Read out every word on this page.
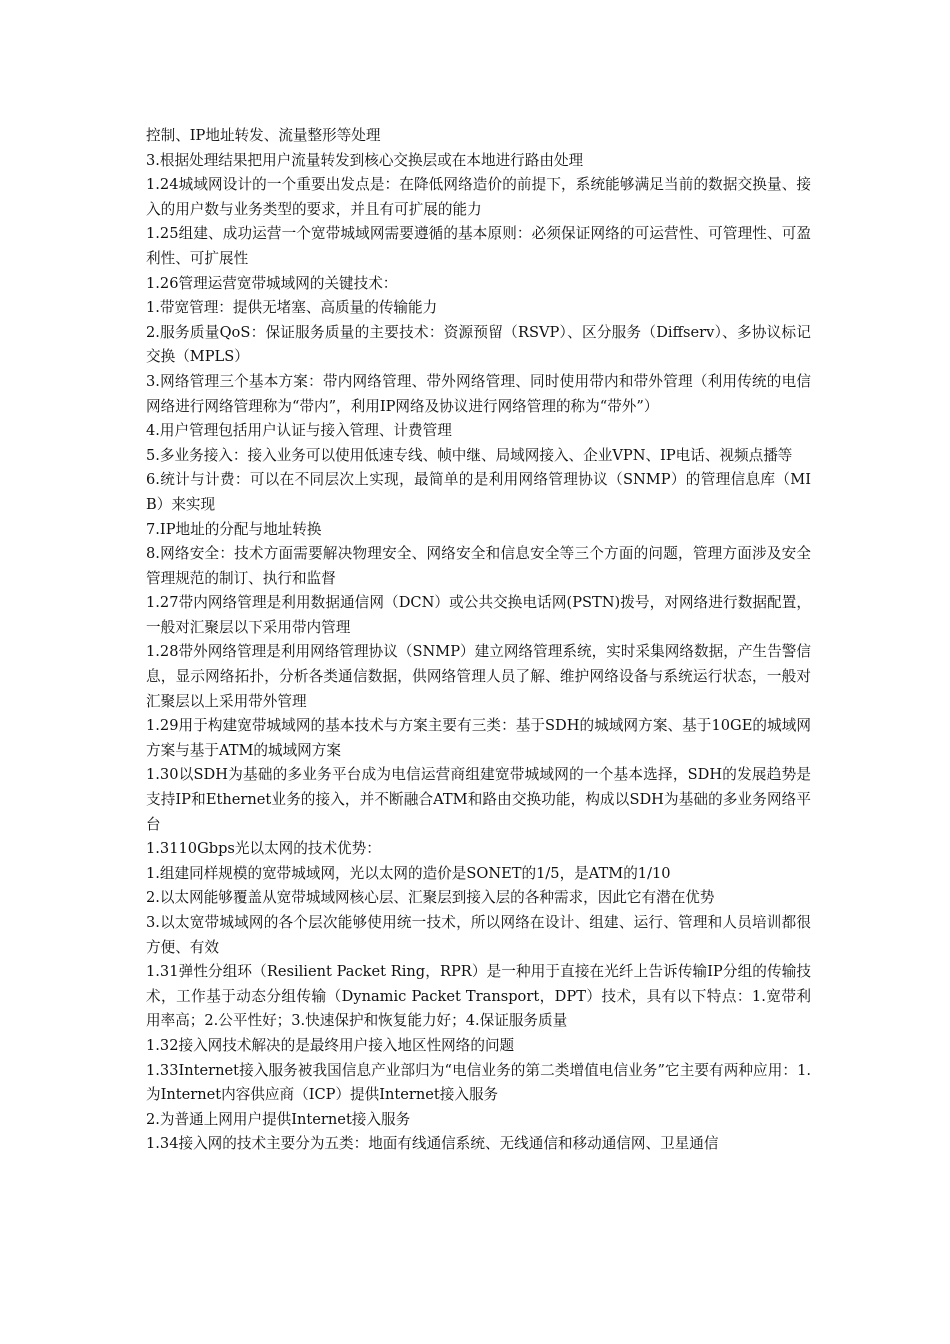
控制、IP地址转发、流量整形等处理

3.根据处理结果把用户流量转发到核心交换层或在本地进行路由处理

1.24城域网设计的一个重要出发点是：在降低网络造价的前提下，系统能够满足当前的数据交换量、接入的用户数与业务类型的要求，并且有可扩展的能力

1.25组建、成功运营一个宽带城域网需要遵循的基本原则：必须保证网络的可运营性、可管理性、可盈利性、可扩展性

1.26管理运营宽带城域网的关键技术：

1.带宽管理：提供无堵塞、高质量的传输能力

2.服务质量QoS：保证服务质量的主要技术：资源预留（RSVP）、区分服务（Diffserv）、多协议标记交换（MPLS）

3.网络管理三个基本方案：带内网络管理、带外网络管理、同时使用带内和带外管理（利用传统的电信网络进行网络管理称为“带内”，利用IP网络及协议进行网络管理的称为“带外”）

4.用户管理包括用户认证与接入管理、计费管理

5.多业务接入：接入业务可以使用低速专线、帧中继、局域网接入、企业VPN、IP电话、视频点播等

6.统计与计费：可以在不同层次上实现，最简单的是利用网络管理协议（SNMP）的管理信息库（MIB）来实现

7.IP地址的分配与地址转换

8.网络安全：技术方面需要解决物理安全、网络安全和信息安全等三个方面的问题，管理方面涉及安全管理规范的制订、执行和监督

1.27带内网络管理是利用数据通信网（DCN）或公共交换电话网(PSTN)拨号，对网络进行数据配置，一般对汇聚层以下采用带内管理

1.28带外网络管理是利用网络管理协议（SNMP）建立网络管理系统，实时采集网络数据，产生告警信息，显示网络拓扑，分析各类通信数据，供网络管理人员了解、维护网络设备与系统运行状态，一般对汇聚层以上采用带外管理

1.29用于构建宽带城域网的基本技术与方案主要有三类：基于SDH的城域网方案、基于10GE的城域网方案与基于ATM的城域网方案

1.30以SDH为基础的多业务平台成为电信运营商组建宽带城域网的一个基本选择，SDH的发展趋势是支持IP和Ethernet业务的接入，并不断融合ATM和路由交换功能，构成以SDH为基础的多业务网络平台

1.3110Gbps光以太网的技术优势：

1.组建同样规模的宽带城域网，光以太网的造价是SONET的1/5，是ATM的1/10

2.以太网能够覆盖从宽带城域网核心层、汇聚层到接入层的各种需求，因此它有潜在优势

3.以太宽带城域网的各个层次能够使用统一技术，所以网络在设计、组建、运行、管理和人员培训都很方便、有效

1.31弹性分组环（Resilient Packet Ring，RPR）是一种用于直接在光纤上告诉传输IP分组的传输技术，工作基于动态分组传输（Dynamic Packet Transport，DPT）技术，具有以下特点：1.宽带利用率高；2.公平性好；3.快速保护和恢复能力好；4.保证服务质量

1.32接入网技术解决的是最终用户接入地区性网络的问题

1.33Internet接入服务被我国信息产业部归为“电信业务的第二类增值电信业务”它主要有两种应用：1.为Internet内容供应商（ICP）提供Internet接入服务

2.为普通上网用户提供Internet接入服务

1.34接入网的技术主要分为五类：地面有线通信系统、无线通信和移动通信网、卫星通信
